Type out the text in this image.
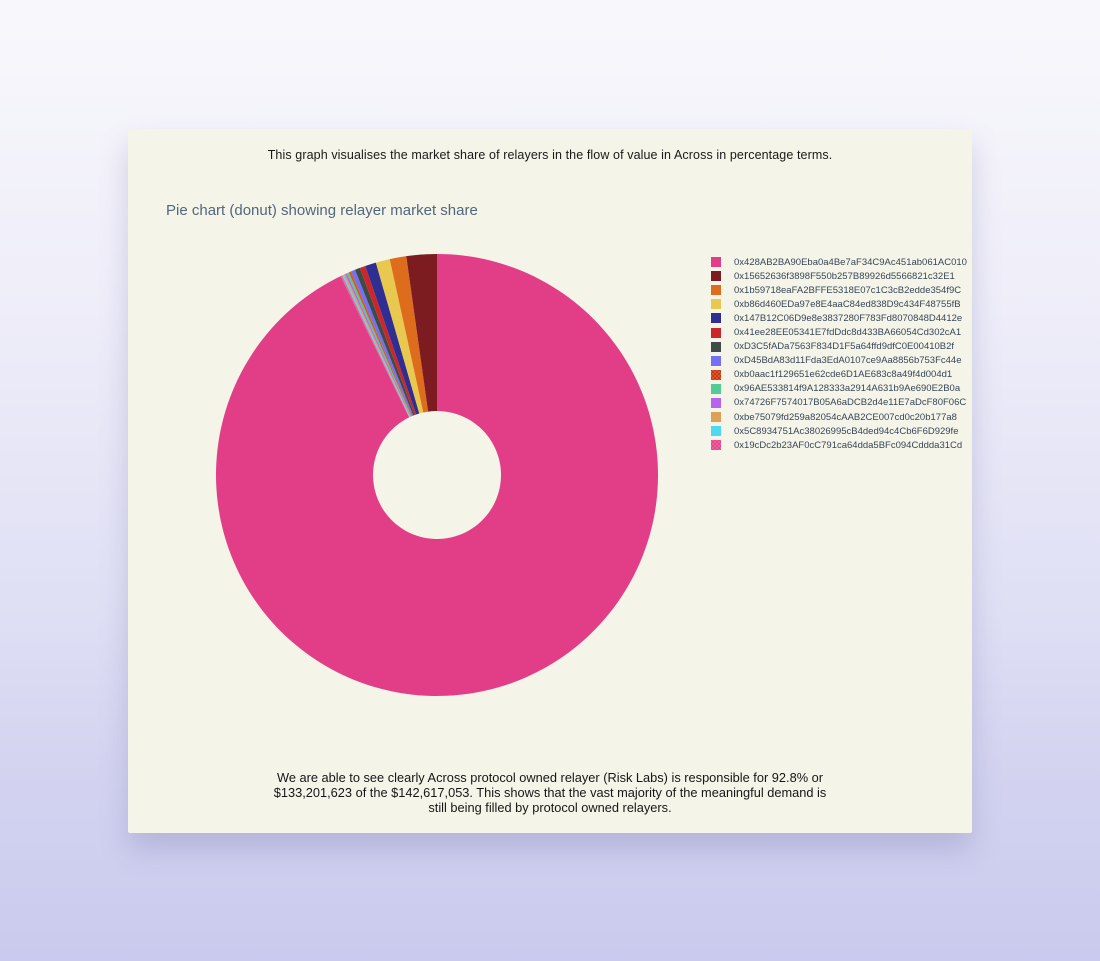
This graph visualises the market share of relayers in the flow of value in Across in percentage terms.
Pie chart (donut) showing relayer market share
0x428AB2BA90Eba0a4Be7aF34C9Ac451ab061AC010
0x15652636f3898F550b257B89926d5566821c32E1
0x1b59718eaFA2BFFE5318E07c1C3cB2edde354f9C
0xb86d460EDa97e8E4aaC84ed838D9c434F48755fB
0x147B12C06D9e8e3837280F783Fd8070848D4412e
0x41ee28EE05341E7fdDdc8d433BA66054Cd302cA1
0xD3C5fADa7563F834D1F5a64ffd9dfC0E00410B2f
0xD45BdA83d11Fda3EdA0107ce9Aa8856b753Fc44e
0xb0aac1f129651e62cde6D1AE683c8a49f4d004d1
0x96AE533814f9A128333a2914A631b9Ae690E2B0a
0x74726F7574017B05A6aDCB2d4e11E7aDcF80F06C
0xbe75079fd259a82054cAAB2CE007cd0c20b177a8
0x5C8934751Ac38026995cB4ded94c4Cb6F6D929fe
0x19cDc2b23AF0cC791ca64dda5BFc094Cddda31Cd
We are able to see clearly Across protocol owned relayer (Risk Labs) is responsible for 92.8% or
$133,201,623 of the $142,617,053. This shows that the vast majority of the meaningful demand is
still being filled by protocol owned relayers.
